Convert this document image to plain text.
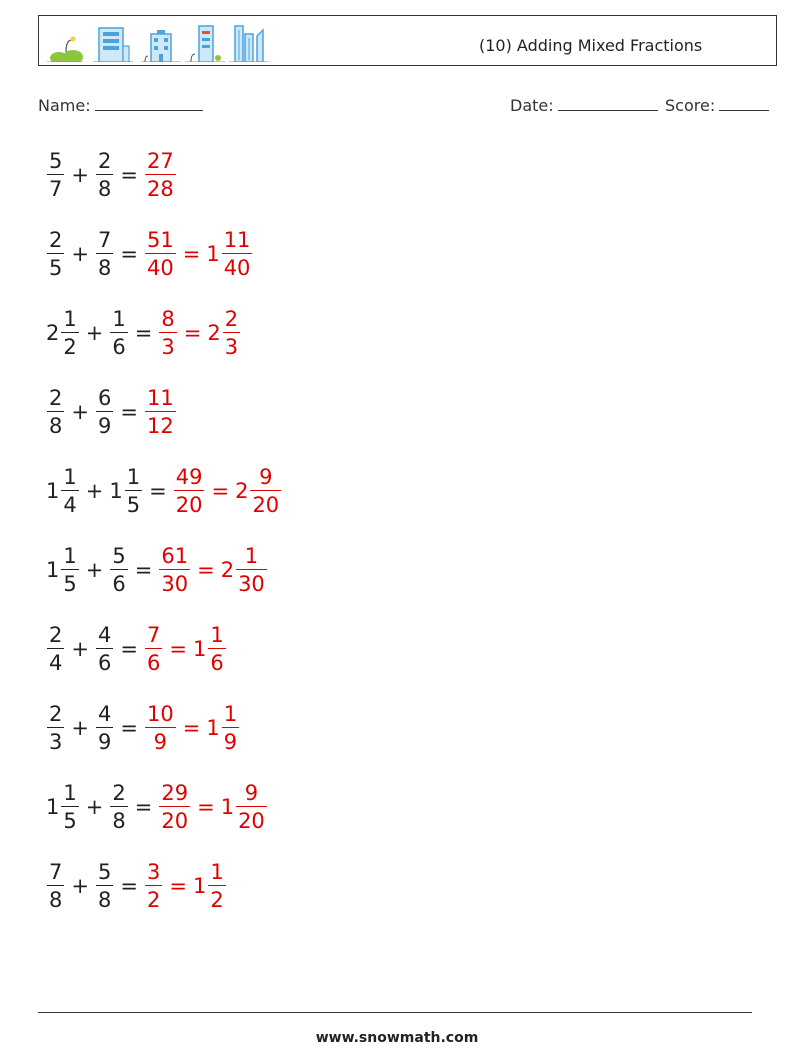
(10) Adding Mixed Fractions
Name:	Date:	Score:
$\frac{5}{7} + \frac{2}{8} = \frac{27}{28}$
$\frac{2}{5} + \frac{7}{8} = \frac{51}{40} = 1 \frac{11}{40}$
$2 \frac{1}{2} + \frac{1}{6} = \frac{8}{3} = 2 \frac{2}{3}$
$\frac{2}{8} + \frac{6}{9} = \frac{11}{12}$
$1 \frac{1}{4} + 1 \frac{1}{5} = \frac{49}{20} = 2 \frac{9}{20}$
$1 \frac{1}{5} + \frac{5}{6} = \frac{61}{30} = 2 \frac{1}{30}$
$\frac{2}{4} + \frac{4}{6} = \frac{7}{6} = 1 \frac{1}{6}$
$\frac{2}{3} + \frac{4}{9} = \frac{10}{9} = 1 \frac{1}{9}$
$1 \frac{1}{5} + \frac{2}{8} = \frac{29}{20} = 1 \frac{9}{20}$
$\frac{7}{8} + \frac{5}{8} = \frac{3}{2} = 1 \frac{1}{2}$
www.snowmath.com
